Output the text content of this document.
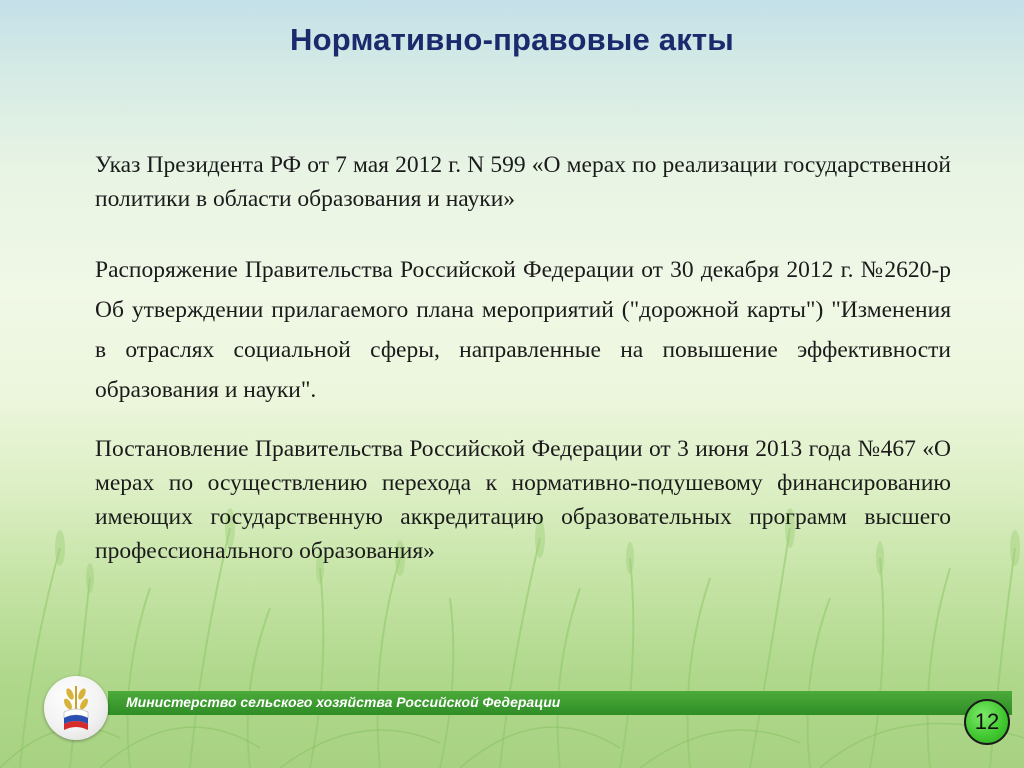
Нормативно-правовые акты

Указ Президента РФ от 7 мая 2012 г. N 599 «О мерах по реализации государственной политики в области образования и науки»

Распоряжение Правительства Российской Федерации от 30 декабря 2012 г. №2620-р Об утверждении прилагаемого плана мероприятий ("дорожной карты") "Изменения в отраслях социальной сферы, направленные на повышение эффективности образования и науки".

Постановление Правительства Российской Федерации от 3 июня 2013 года №467 «О мерах по осуществлению перехода к нормативно-подушевому финансированию имеющих государственную аккредитацию образовательных программ высшего профессионального образования»

Министерство сельского хозяйства Российской Федерации
12
